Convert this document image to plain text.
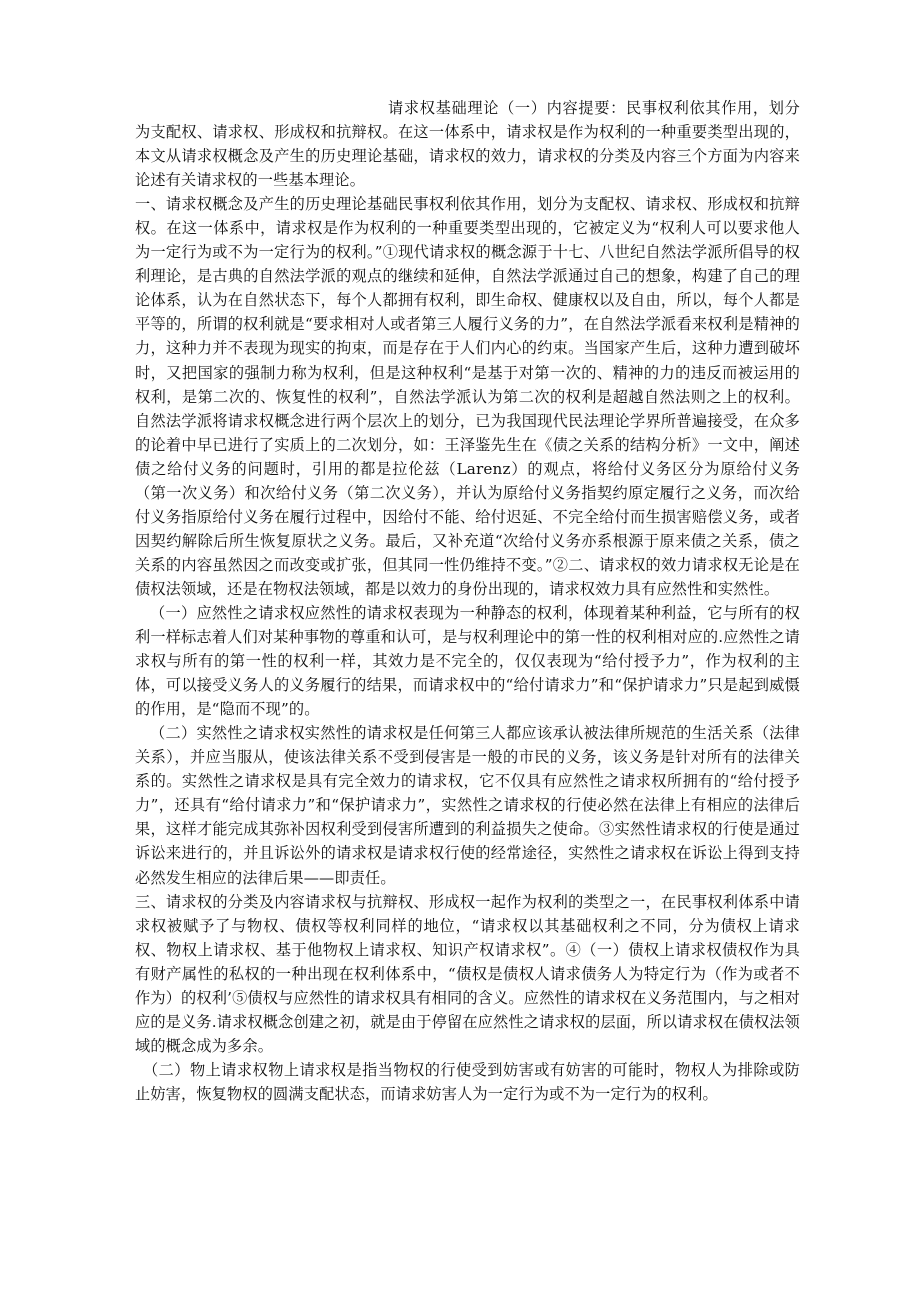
请求权基础理论（一）内容提要：民事权利依其作用，划分为支配权、请求权、形成权和抗辩权。在这一体系中，请求权是作为权利的一种重要类型出现的，本文从请求权概念及产生的历史理论基础，请求权的效力，请求权的分类及内容三个方面为内容来论述有关请求权的一些基本理论。

一、请求权概念及产生的历史理论基础民事权利依其作用，划分为支配权、请求权、形成权和抗辩权。在这一体系中，请求权是作为权利的一种重要类型出现的，它被定义为“权利人可以要求他人为一定行为或不为一定行为的权利。”①现代请求权的概念源于十七、八世纪自然法学派所倡导的权利理论，是古典的自然法学派的观点的继续和延伸，自然法学派通过自己的想象，构建了自己的理论体系，认为在自然状态下，每个人都拥有权利，即生命权、健康权以及自由，所以，每个人都是平等的，所谓的权利就是“要求相对人或者第三人履行义务的力”，在自然法学派看来权利是精神的力，这种力并不表现为现实的拘束，而是存在于人们内心的约束。当国家产生后，这种力遭到破坏时，又把国家的强制力称为权利，但是这种权利“是基于对第一次的、精神的力的违反而被运用的权利，是第二次的、恢复性的权利”，自然法学派认为第二次的权利是超越自然法则之上的权利。自然法学派将请求权概念进行两个层次上的划分，已为我国现代民法理论学界所普遍接受，在众多的论着中早已进行了实质上的二次划分，如：王泽鉴先生在《债之关系的结构分析》一文中，阐述债之给付义务的问题时，引用的都是拉伦兹（Larenz）的观点，将给付义务区分为原给付义务（第一次义务）和次给付义务（第二次义务），并认为原给付义务指契约原定履行之义务，而次给付义务指原给付义务在履行过程中，因给付不能、给付迟延、不完全给付而生损害赔偿义务，或者因契约解除后所生恢复原状之义务。最后，又补充道“次给付义务亦系根源于原来债之关系，债之关系的内容虽然因之而改变或扩张，但其同一性仍维持不变。”②二、请求权的效力请求权无论是在债权法领域，还是在物权法领域，都是以效力的身份出现的，请求权效力具有应然性和实然性。

（一）应然性之请求权应然性的请求权表现为一种静态的权利，体现着某种利益，它与所有的权利一样标志着人们对某种事物的尊重和认可，是与权利理论中的第一性的权利相对应的.应然性之请求权与所有的第一性的权利一样，其效力是不完全的，仅仅表现为“给付授予力”，作为权利的主体，可以接受义务人的义务履行的结果，而请求权中的“给付请求力”和“保护请求力”只是起到威慑的作用，是“隐而不现”的。

（二）实然性之请求权实然性的请求权是任何第三人都应该承认被法律所规范的生活关系（法律关系），并应当服从，使该法律关系不受到侵害是一般的市民的义务，该义务是针对所有的法律关系的。实然性之请求权是具有完全效力的请求权，它不仅具有应然性之请求权所拥有的“给付授予力”，还具有“给付请求力”和“保护请求力”，实然性之请求权的行使必然在法律上有相应的法律后果，这样才能完成其弥补因权利受到侵害所遭到的利益损失之使命。③实然性请求权的行使是通过诉讼来进行的，并且诉讼外的请求权是请求权行使的经常途径，实然性之请求权在诉讼上得到支持必然发生相应的法律后果——即责任。

三、请求权的分类及内容请求权与抗辩权、形成权一起作为权利的类型之一，在民事权利体系中请求权被赋予了与物权、债权等权利同样的地位，“请求权以其基础权利之不同，分为债权上请求权、物权上请求权、基于他物权上请求权、知识产权请求权”。④（一）债权上请求权债权作为具有财产属性的私权的一种出现在权利体系中，“债权是债权人请求债务人为特定行为（作为或者不作为）的权利’⑤债权与应然性的请求权具有相同的含义。应然性的请求权在义务范围内，与之相对应的是义务.请求权概念创建之初，就是由于停留在应然性之请求权的层面，所以请求权在债权法领域的概念成为多余。

（二）物上请求权物上请求权是指当物权的行使受到妨害或有妨害的可能时，物权人为排除或防止妨害，恢复物权的圆满支配状态，而请求妨害人为一定行为或不为一定行为的权利。
